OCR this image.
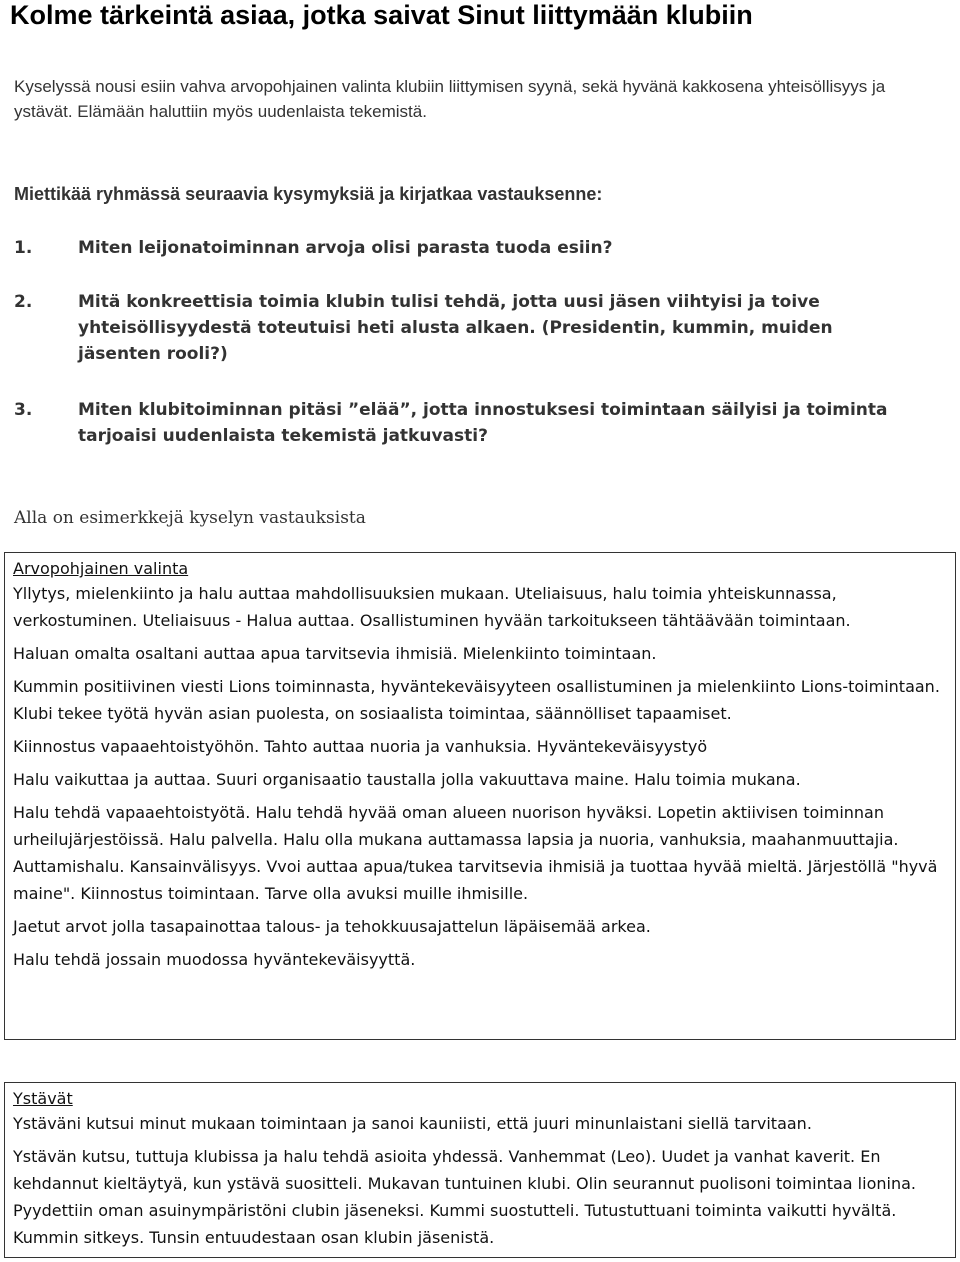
Kolme tärkeintä asiaa, jotka saivat Sinut liittymään klubiin

Kyselyssä nousi esiin vahva arvopohjainen valinta klubiin liittymisen syynä, sekä hyvänä kakkosena yhteisöllisyys ja ystävät. Elämään haluttiin myös uudenlaista tekemistä.

Miettikää ryhmässä seuraavia kysymyksiä ja kirjatkaa vastauksenne:

1.	Miten leijonatoiminnan arvoja olisi parasta tuoda esiin?
2.	Mitä konkreettisia toimia klubin tulisi tehdä, jotta uusi jäsen viihtyisi ja toive yhteisöllisyydestä toteutuisi heti alusta alkaen. (Presidentin, kummin, muiden jäsenten rooli?)
3.	Miten klubitoiminnan pitäsi ”elää”, jotta innostuksesi toimintaan säilyisi ja toiminta tarjoaisi uudenlaista tekemistä jatkuvasti?

Alla on esimerkkejä kyselyn vastauksista

Arvopohjainen valinta

Yllytys, mielenkiinto ja halu auttaa mahdollisuuksien mukaan. Uteliaisuus, halu toimia yhteiskunnassa, verkostuminen. Uteliaisuus - Halua auttaa. Osallistuminen hyvään tarkoitukseen tähtäävään toimintaan.

Haluan omalta osaltani auttaa apua tarvitsevia ihmisiä. Mielenkiinto toimintaan.

Kummin positiivinen viesti Lions toiminnasta, hyväntekeväisyyteen osallistuminen ja mielenkiinto Lions-toimintaan. Klubi tekee työtä hyvän asian puolesta, on sosiaalista toimintaa, säännölliset tapaamiset.

Kiinnostus vapaaehtoistyöhön. Tahto auttaa nuoria ja vanhuksia. Hyväntekeväisyystyö

Halu vaikuttaa ja auttaa. Suuri organisaatio taustalla jolla vakuuttava maine. Halu toimia mukana.

Halu tehdä vapaaehtoistyötä. Halu tehdä hyvää oman alueen nuorison hyväksi. Lopetin aktiivisen toiminnan urheilujärjestöissä. Halu palvella. Halu olla mukana auttamassa lapsia ja nuoria, vanhuksia, maahanmuuttajia. Auttamishalu. Kansainvälisyys. Vvoi auttaa apua/tukea tarvitsevia ihmisiä ja tuottaa hyvää mieltä. Järjestöllä "hyvä maine". Kiinnostus toimintaan. Tarve olla avuksi muille ihmisille.

Jaetut arvot jolla tasapainottaa talous- ja tehokkuusajattelun läpäisemää arkea.

Halu tehdä jossain muodossa hyväntekeväisyyttä.

Ystävät

Ystäväni kutsui minut mukaan toimintaan ja sanoi kauniisti, että juuri minunlaistani siellä tarvitaan.

Ystävän kutsu, tuttuja klubissa ja halu tehdä asioita yhdessä. Vanhemmat (Leo). Uudet ja vanhat kaverit. En kehdannut kieltäytyä, kun ystävä suositteli. Mukavan tuntuinen klubi. Olin seurannut puolisoni toimintaa lionina. Pyydettiin oman asuinympäristöni clubin jäseneksi. Kummi suostutteli. Tutustuttuani toiminta vaikutti hyvältä. Kummin sitkeys. Tunsin entuudestaan osan klubin jäsenistä.
